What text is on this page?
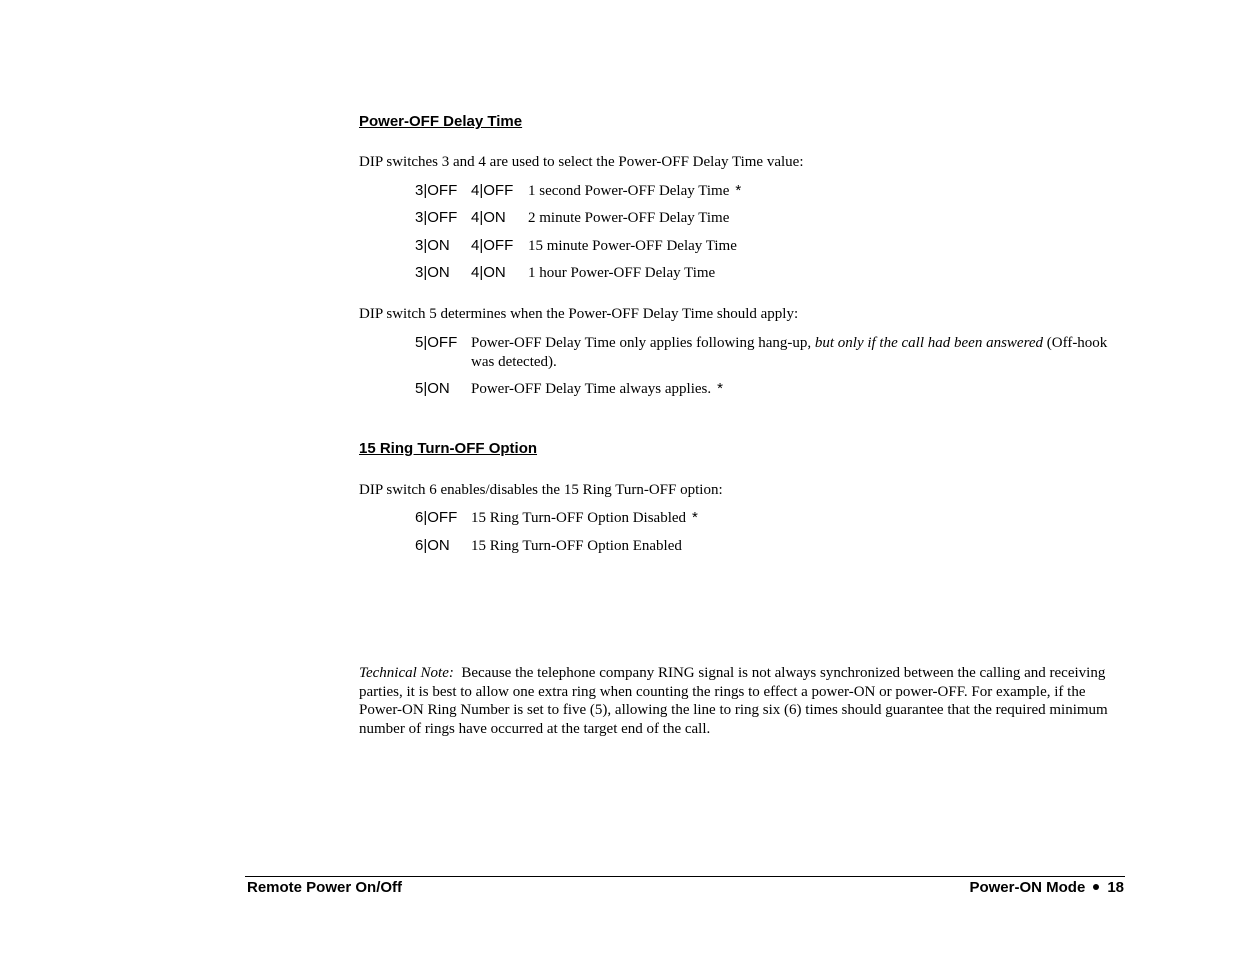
Power-OFF Delay Time
DIP switches 3 and 4 are used to select the Power-OFF Delay Time value:
3|OFF 4|OFF 1 second Power-OFF Delay Time *
3|OFF 4|ON 2 minute Power-OFF Delay Time
3|ON 4|OFF 15 minute Power-OFF Delay Time
3|ON 4|ON 1 hour Power-OFF Delay Time
DIP switch 5 determines when the Power-OFF Delay Time should apply:
5|OFF Power-OFF Delay Time only applies following hang-up, but only if the call had been answered (Off-hook was detected).
5|ON Power-OFF Delay Time always applies. *
15 Ring Turn-OFF Option
DIP switch 6 enables/disables the 15 Ring Turn-OFF option:
6|OFF 15 Ring Turn-OFF Option Disabled *
6|ON 15 Ring Turn-OFF Option Enabled
Technical Note: Because the telephone company RING signal is not always synchronized between the calling and receiving parties, it is best to allow one extra ring when counting the rings to effect a power-ON or power-OFF. For example, if the Power-ON Ring Number is set to five (5), allowing the line to ring six (6) times should guarantee that the required minimum number of rings have occurred at the target end of the call.
Remote Power On/Off	Power-ON Mode 18
